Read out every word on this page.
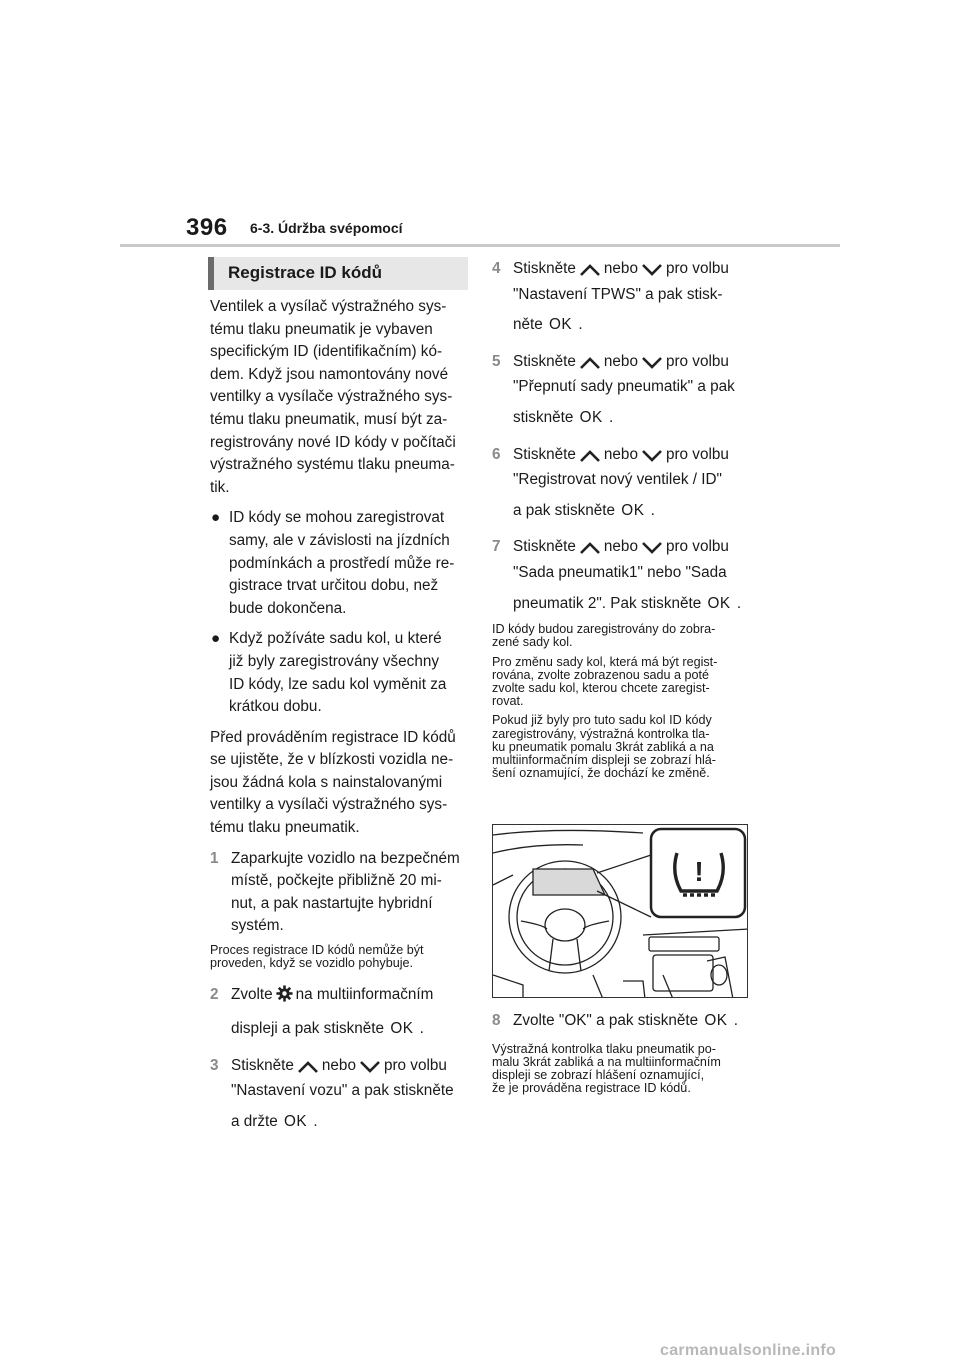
396 6-3. Údržba svépomocí
Registrace ID kódů

Ventilek a vysílač výstražného sys-
tému tlaku pneumatik je vybaven
specifickým ID (identifikačním) kó-
dem. Když jsou namontovány nové
ventilky a vysílače výstražného sys-
tému tlaku pneumatik, musí být za-
registrovány nové ID kódy v počítači
výstražného systému tlaku pneuma-
tik.

● ID kódy se mohou zaregistrovat
samy, ale v závislosti na jízdních
podmínkách a prostředí může re-
gistrace trvat určitou dobu, než
bude dokončena.
● Když požíváte sadu kol, u které
již byly zaregistrovány všechny
ID kódy, lze sadu kol vyměnit za
krátkou dobu.

Před prováděním registrace ID kódů
se ujistěte, že v blízkosti vozidla ne-
jsou žádná kola s nainstalovanými
ventilky a vysílači výstražného sys-
tému tlaku pneumatik.

1 Zaparkujte vozidlo na bezpečném
místě, počkejte přibližně 20 mi-
nut, a pak nastartujte hybridní
systém.
Proces registrace ID kódů nemůže být
proveden, když se vozidlo pohybuje.
2 Zvolte na multiinformačním
displeji a pak stiskněte OK .
3 Stiskněte nebo pro volbu
"Nastavení vozu" a pak stiskněte
a držte OK .
4 Stiskněte nebo pro volbu
"Nastavení TPWS" a pak stisk-
něte OK .
5 Stiskněte nebo pro volbu
"Přepnutí sady pneumatik" a pak
stiskněte OK .
6 Stiskněte nebo pro volbu
"Registrovat nový ventilek / ID"
a pak stiskněte OK .
7 Stiskněte nebo pro volbu
"Sada pneumatik1" nebo "Sada
pneumatik 2". Pak stiskněte OK .
ID kódy budou zaregistrovány do zobra-
zené sady kol.
Pro změnu sady kol, která má být regist-
rována, zvolte zobrazenou sadu a poté
zvolte sadu kol, kterou chcete zaregist-
rovat.
Pokud již byly pro tuto sadu kol ID kódy
zaregistrovány, výstražná kontrolka tla-
ku pneumatik pomalu 3krát zabliká a na
multiinformačním displeji se zobrazí hlá-
šení oznamující, že dochází ke změně.
!
8 Zvolte "OK" a pak stiskněte OK .
Výstražná kontrolka tlaku pneumatik po-
malu 3krát zabliká a na multiinformačním
displeji se zobrazí hlášení oznamující,
že je prováděna registrace ID kódů.
carmanualsonline.info
